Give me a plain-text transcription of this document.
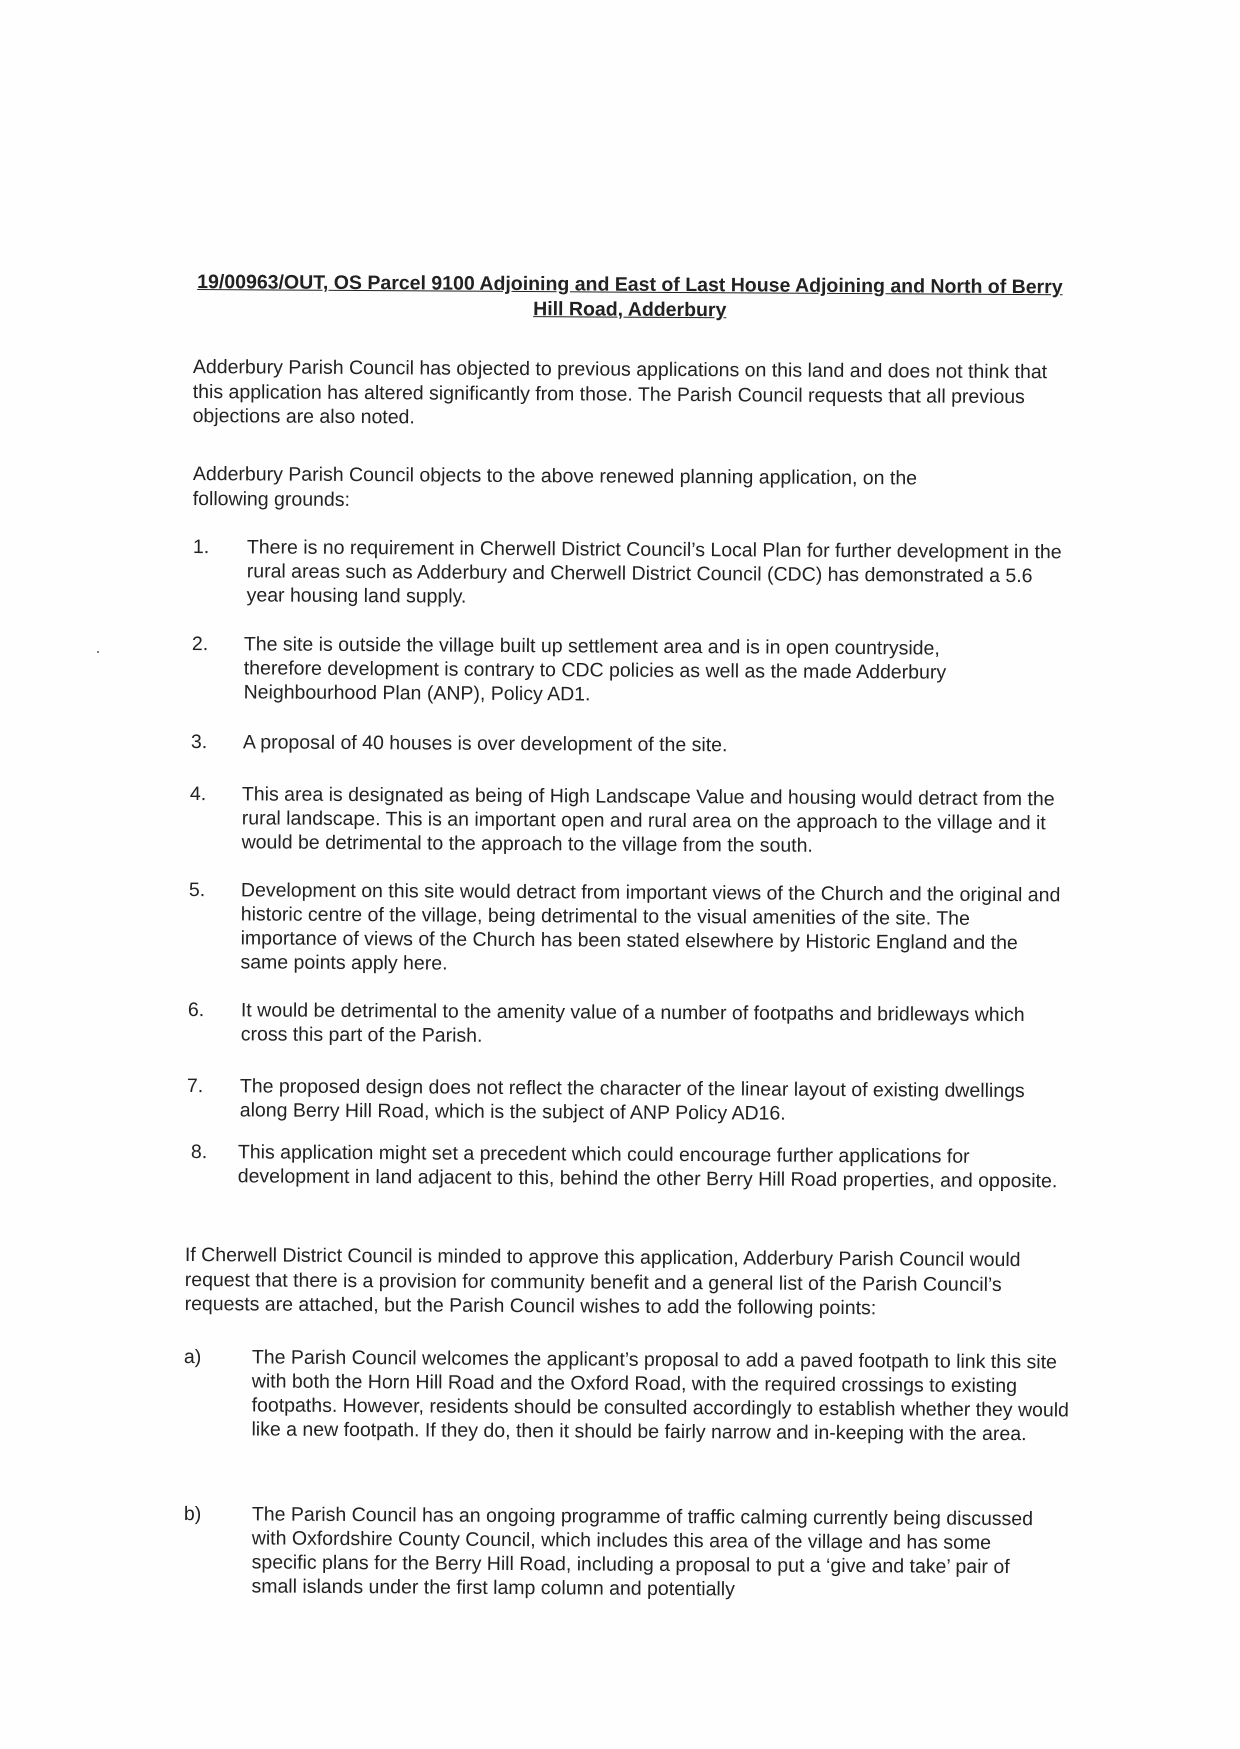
19/00963/OUT, OS Parcel 9100 Adjoining and East of Last House Adjoining and North of Berry Hill Road, Adderbury
Adderbury Parish Council has objected to previous applications on this land and does not think that this application has altered significantly from those. The Parish Council requests that all previous objections are also noted.
Adderbury Parish Council objects to the above renewed planning application, on the following grounds:
1. There is no requirement in Cherwell District Council’s Local Plan for further development in the rural areas such as Adderbury and Cherwell District Council (CDC) has demonstrated a 5.6 year housing land supply.
2. The site is outside the village built up settlement area and is in open countryside, therefore development is contrary to CDC policies as well as the made Adderbury Neighbourhood Plan (ANP), Policy AD1.
3. A proposal of 40 houses is over development of the site.
4. This area is designated as being of High Landscape Value and housing would detract from the rural landscape. This is an important open and rural area on the approach to the village and it would be detrimental to the approach to the village from the south.
5. Development on this site would detract from important views of the Church and the original and historic centre of the village, being detrimental to the visual amenities of the site. The importance of views of the Church has been stated elsewhere by Historic England and the same points apply here.
6. It would be detrimental to the amenity value of a number of footpaths and bridleways which cross this part of the Parish.
7. The proposed design does not reflect the character of the linear layout of existing dwellings along Berry Hill Road, which is the subject of ANP Policy AD16.
8. This application might set a precedent which could encourage further applications for development in land adjacent to this, behind the other Berry Hill Road properties, and opposite.
If Cherwell District Council is minded to approve this application, Adderbury Parish Council would request that there is a provision for community benefit and a general list of the Parish Council’s requests are attached, but the Parish Council wishes to add the following points:
a)	The Parish Council welcomes the applicant’s proposal to add a paved footpath to link this site with both the Horn Hill Road and the Oxford Road, with the required crossings to existing footpaths. However, residents should be consulted accordingly to establish whether they would like a new footpath. If they do, then it should be fairly narrow and in-keeping with the area.
b)	The Parish Council has an ongoing programme of traffic calming currently being discussed with Oxfordshire County Council, which includes this area of the village and has some specific plans for the Berry Hill Road, including a proposal to put a ‘give and take’ pair of small islands under the first lamp column and potentially
